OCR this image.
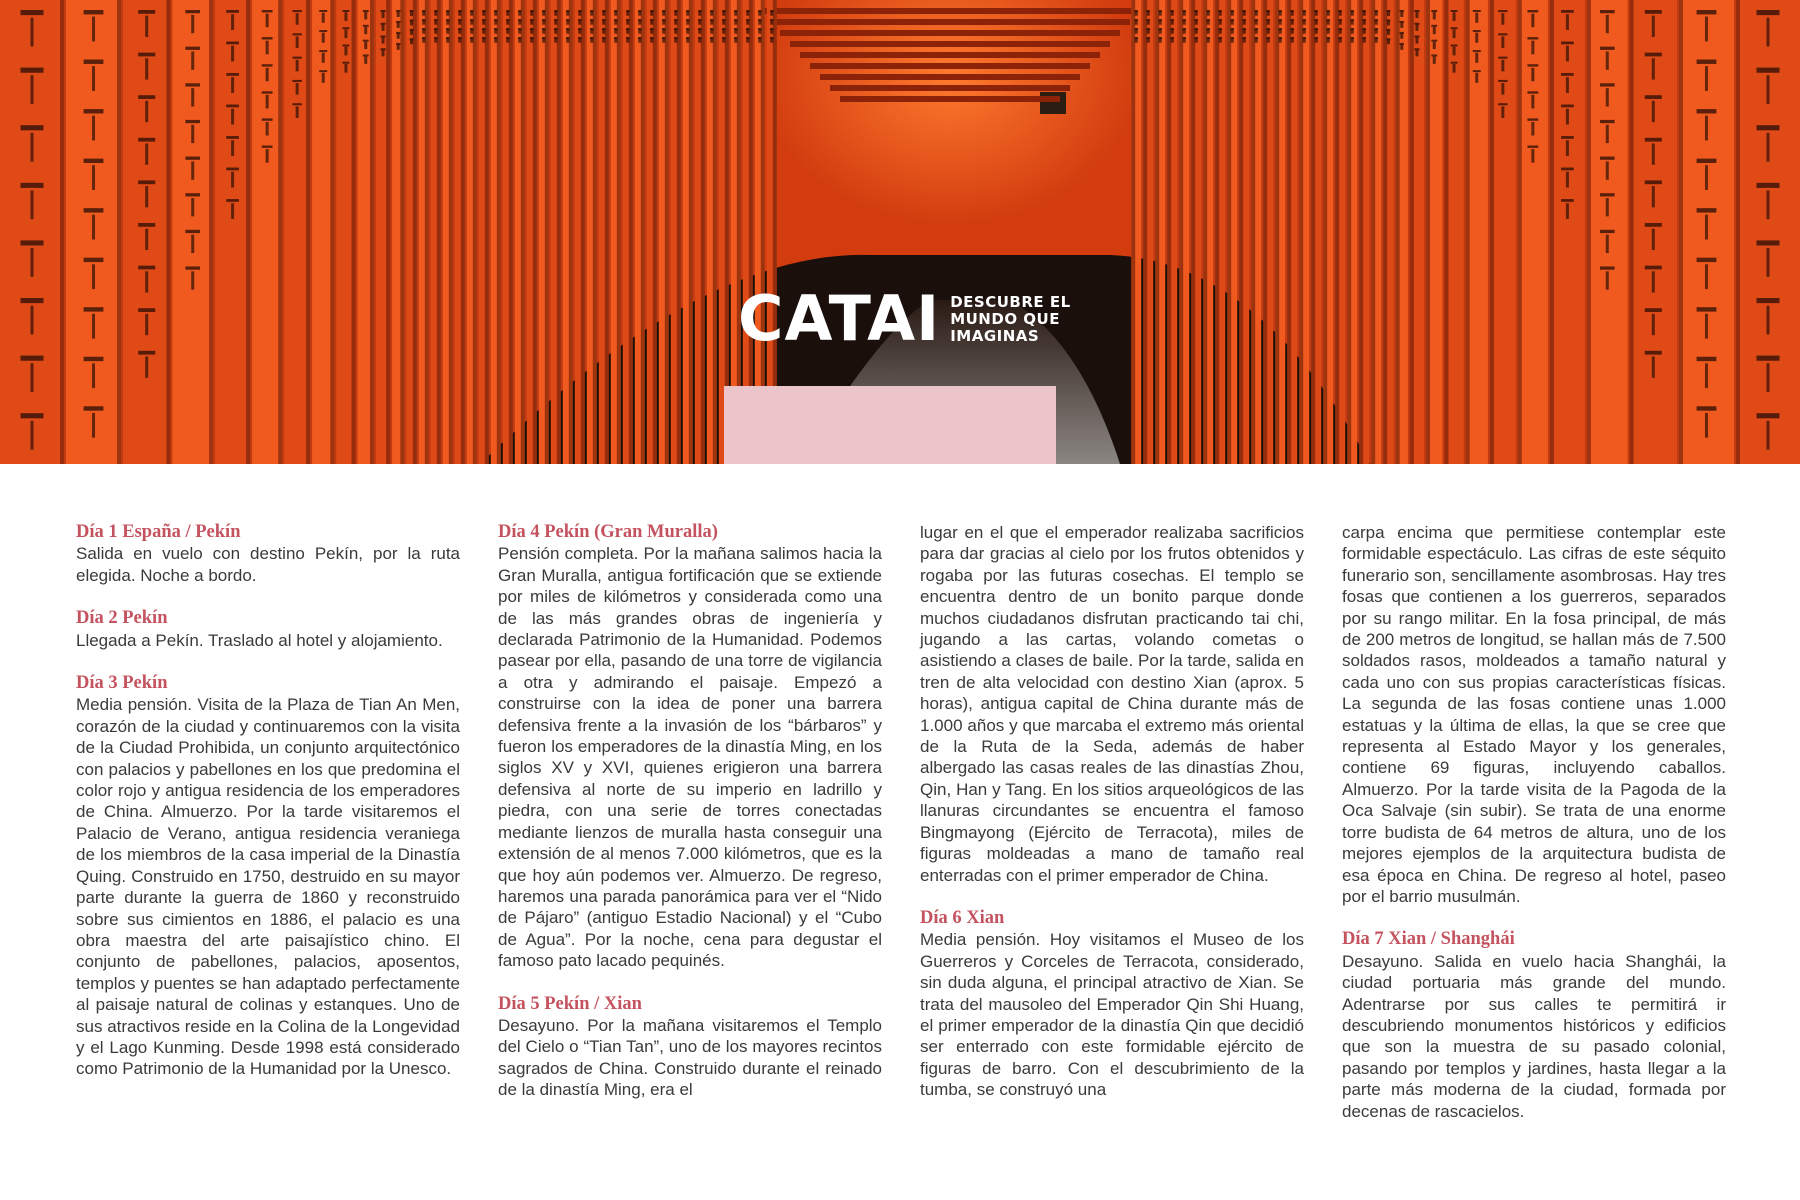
CATAI DESCUBRE EL MUNDO QUE IMAGINAS

Día 1 España / Pekín

Salida en vuelo con destino Pekín, por la ruta elegida. Noche a bordo.

Día 2 Pekín

Llegada a Pekín. Traslado al hotel y alojamiento.

Día 3 Pekín

Media pensión. Visita de la Plaza de Tian An Men, corazón de la ciudad y continuaremos con la visita de la Ciudad Prohibida, un conjunto arquitectónico con palacios y pabellones en los que predomina el color rojo y antigua residencia de los emperadores de China. Almuerzo. Por la tarde visitaremos el Palacio de Verano, antigua residencia veraniega de los miembros de la casa imperial de la Dinastía Quing. Construido en 1750, destruido en su mayor parte durante la guerra de 1860 y reconstruido sobre sus cimientos en 1886, el palacio es una obra maestra del arte paisajístico chino. El conjunto de pabellones, palacios, aposentos, templos y puentes se han adaptado perfectamente al paisaje natural de colinas y estanques. Uno de sus atractivos reside en la Colina de la Longevidad y el Lago Kunming. Desde 1998 está considerado como Patrimonio de la Humanidad por la Unesco.

Día 4 Pekín (Gran Muralla)

Pensión completa. Por la mañana salimos hacia la Gran Muralla, antigua fortificación que se extiende por miles de kilómetros y considerada como una de las más grandes obras de ingeniería y declarada Patrimonio de la Humanidad. Podemos pasear por ella, pasando de una torre de vigilancia a otra y admirando el paisaje. Empezó a construirse con la idea de poner una barrera defensiva frente a la invasión de los “bárbaros” y fueron los emperadores de la dinastía Ming, en los siglos XV y XVI, quienes erigieron una barrera defensiva al norte de su imperio en ladrillo y piedra, con una serie de torres conectadas mediante lienzos de muralla hasta conseguir una extensión de al menos 7.000 kilómetros, que es la que hoy aún podemos ver. Almuerzo. De regreso, haremos una parada panorámica para ver el “Nido de Pájaro” (antiguo Estadio Nacional) y el “Cubo de Agua”. Por la noche, cena para degustar el famoso pato lacado pequinés.

Día 5 Pekín / Xian

Desayuno. Por la mañana visitaremos el Templo del Cielo o “Tian Tan”, uno de los mayores recintos sagrados de China. Construido durante el reinado de la dinastía Ming, era el

lugar en el que el emperador realizaba sacrificios para dar gracias al cielo por los frutos obtenidos y rogaba por las futuras cosechas. El templo se encuentra dentro de un bonito parque donde muchos ciudadanos disfrutan practicando tai chi, jugando a las cartas, volando cometas o asistiendo a clases de baile. Por la tarde, salida en tren de alta velocidad con destino Xian (aprox. 5 horas), antigua capital de China durante más de 1.000 años y que marcaba el extremo más oriental de la Ruta de la Seda, además de haber albergado las casas reales de las dinastías Zhou, Qin, Han y Tang. En los sitios arqueológicos de las llanuras circundantes se encuentra el famoso Bingmayong (Ejército de Terracota), miles de figuras moldeadas a mano de tamaño real enterradas con el primer emperador de China.

Día 6 Xian

Media pensión. Hoy visitamos el Museo de los Guerreros y Corceles de Terracota, considerado, sin duda alguna, el principal atractivo de Xian. Se trata del mausoleo del Emperador Qin Shi Huang, el primer emperador de la dinastía Qin que decidió ser enterrado con este formidable ejército de figuras de barro. Con el descubrimiento de la tumba, se construyó una

carpa encima que permitiese contemplar este formidable espectáculo. Las cifras de este séquito funerario son, sencillamente asombrosas. Hay tres fosas que contienen a los guerreros, separados por su rango militar. En la fosa principal, de más de 200 metros de longitud, se hallan más de 7.500 soldados rasos, moldeados a tamaño natural y cada uno con sus propias características físicas. La segunda de las fosas contiene unas 1.000 estatuas y la última de ellas, la que se cree que representa al Estado Mayor y los generales, contiene 69 figuras, incluyendo caballos. Almuerzo. Por la tarde visita de la Pagoda de la Oca Salvaje (sin subir). Se trata de una enorme torre budista de 64 metros de altura, uno de los mejores ejemplos de la arquitectura budista de esa época en China. De regreso al hotel, paseo por el barrio musulmán.

Día 7 Xian / Shanghái

Desayuno. Salida en vuelo hacia Shanghái, la ciudad portuaria más grande del mundo. Adentrarse por sus calles te permitirá ir descubriendo monumentos históricos y edificios que son la muestra de su pasado colonial, pasando por templos y jardines, hasta llegar a la parte más moderna de la ciudad, formada por decenas de rascacielos.
